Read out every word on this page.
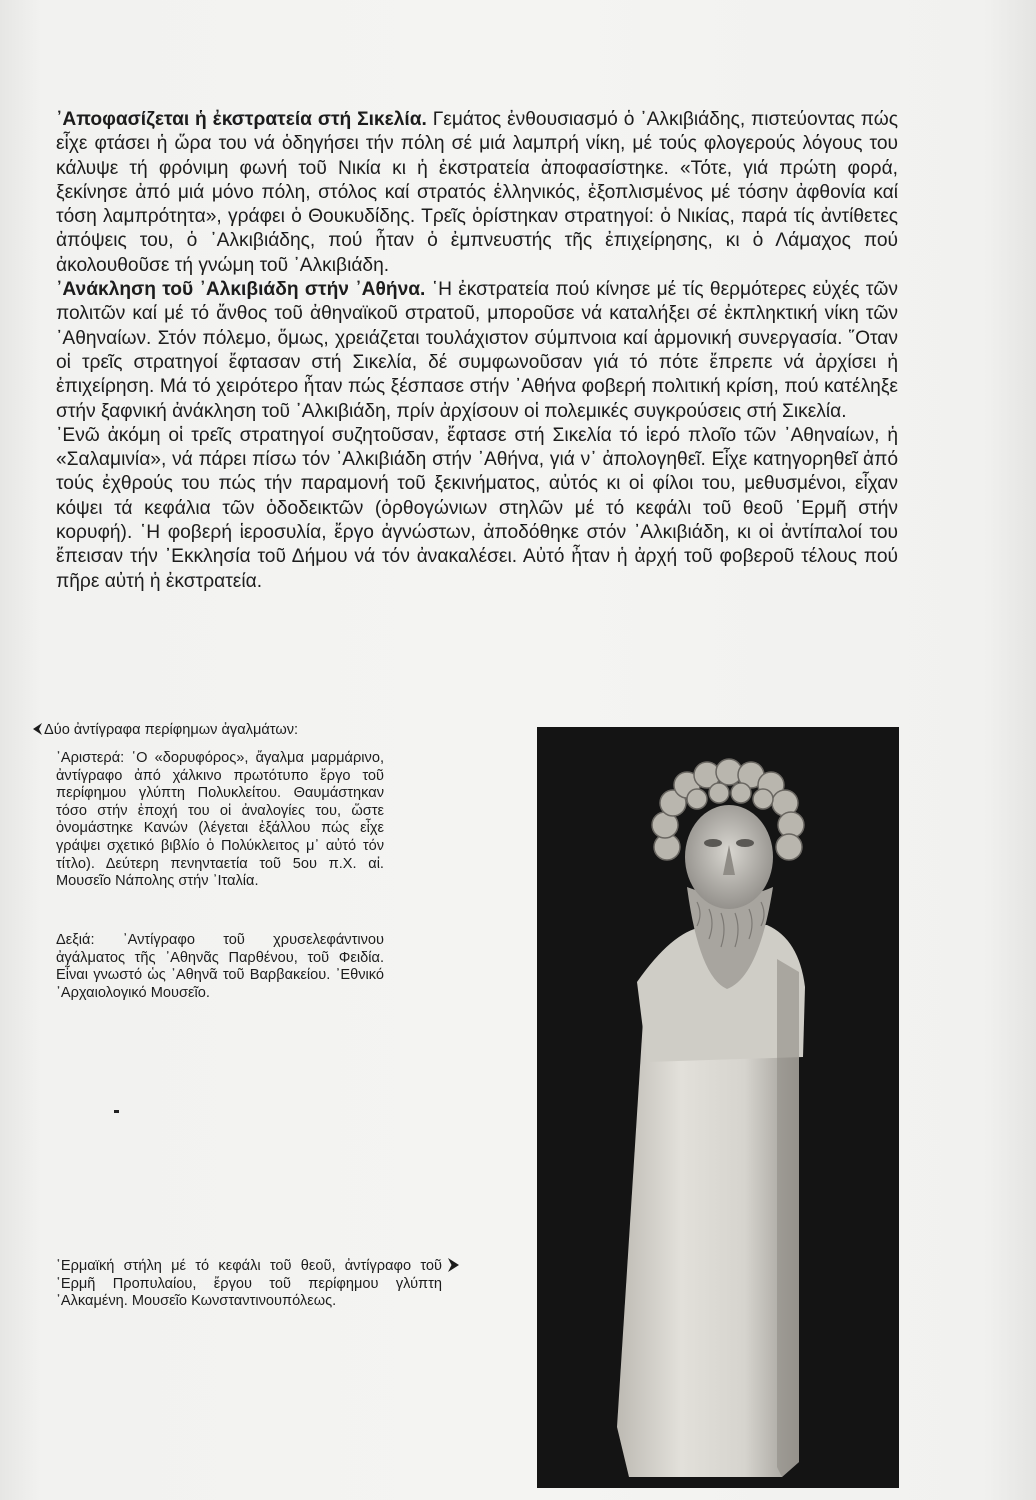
᾿Αποφασίζεται ἡ ἐκστρατεία στή Σικελία. Γεμάτος ἐνθουσιασμό ὁ ᾿Αλκιβιάδης, πιστεύοντας πώς εἶχε φτάσει ἡ ὥρα του νά ὁδηγήσει τήν πόλη σέ μιά λαμπρή νίκη, μέ τούς φλογερούς λόγους του κάλυψε τή φρόνιμη φωνή τοῦ Νικία κι ἡ ἐκστρατεία ἀποφασίστηκε. «Τότε, γιά πρώτη φορά, ξεκίνησε ἀπό μιά μόνο πόλη, στόλος καί στρατός ἑλληνικός, ἐξοπλισμένος μέ τόσην ἀφθονία καί τόση λαμπρότητα», γράφει ὁ Θουκυδίδης. Τρεῖς ὁρίστηκαν στρατηγοί: ὁ Νικίας, παρά τίς ἀντίθετες ἀπόψεις του, ὁ ᾿Αλκιβιάδης, πού ἦταν ὁ ἐμπνευστής τῆς ἐπιχείρησης, κι ὁ Λάμαχος πού ἀκολουθοῦσε τή γνώμη τοῦ ᾿Αλκιβιάδη.

᾿Ανάκληση τοῦ ᾿Αλκιβιάδη στήν ᾿Αθήνα. ῾Η ἐκστρατεία πού κίνησε μέ τίς θερμότερες εὐχές τῶν πολιτῶν καί μέ τό ἄνθος τοῦ ἀθηναϊκοῦ στρατοῦ, μποροῦσε νά καταλήξει σέ ἐκπληκτική νίκη τῶν ᾿Αθηναίων. Στόν πόλεμο, ὅμως, χρειάζεται τουλάχιστον σύμπνοια καί ἁρμονική συνεργασία. ῞Οταν οἱ τρεῖς στρατηγοί ἔφτασαν στή Σικελία, δέ συμφωνοῦσαν γιά τό πότε ἔπρεπε νά ἀρχίσει ἡ ἐπιχείρηση. Μά τό χειρότερο ἦταν πώς ξέσπασε στήν ᾿Αθήνα φοβερή πολιτική κρίση, πού κατέληξε στήν ξαφνική ἀνάκληση τοῦ ᾿Αλκιβιάδη, πρίν ἀρχίσουν οἱ πολεμικές συγκρούσεις στή Σικελία.

᾿Ενῶ ἀκόμη οἱ τρεῖς στρατηγοί συζητοῦσαν, ἔφτασε στή Σικελία τό ἱερό πλοῖο τῶν ᾿Αθηναίων, ἡ «Σαλαμινία», νά πάρει πίσω τόν ᾿Αλκιβιάδη στήν ᾿Αθήνα, γιά ν᾿ ἀπολογηθεῖ. Εἶχε κατηγορηθεῖ ἀπό τούς ἐχθρούς του πώς τήν παραμονή τοῦ ξεκινήματος, αὐτός κι οἱ φίλοι του, μεθυσμένοι, εἶχαν κόψει τά κεφάλια τῶν ὁδοδεικτῶν (ὀρθογώνιων στηλῶν μέ τό κεφάλι τοῦ θεοῦ ῾Ερμῆ στήν κορυφή). ῾Η φοβερή ἱεροσυλία, ἔργο ἀγνώστων, ἀποδόθηκε στόν ᾿Αλκιβιάδη, κι οἱ ἀντίπαλοί του ἔπεισαν τήν ᾿Εκκλησία τοῦ Δήμου νά τόν ἀνακαλέσει. Αὐτό ἦταν ἡ ἀρχή τοῦ φοβεροῦ τέλους πού πῆρε αὐτή ἡ ἐκστρατεία.

Δύο ἀντίγραφα περίφημων ἀγαλμάτων:
᾿Αριστερά: ῾Ο «δορυφόρος», ἄγαλμα μαρμάρινο, ἀντίγραφο ἀπό χάλκινο πρωτότυπο ἔργο τοῦ περίφημου γλύπτη Πολυκλείτου. Θαυμάστηκαν τόσο στήν ἐποχή του οἱ ἀναλογίες του, ὥστε ὀνομάστηκε Κανών (λέγεται ἐξάλλου πώς εἶχε γράψει σχετικό βιβλίο ὁ Πολύκλειτος μ᾿ αὐτό τόν τίτλο). Δεύτερη πενηνταετία τοῦ 5ου π.Χ. αἰ. Μουσεῖο Νάπολης στήν ᾿Ιταλία.
Δεξιά: ᾿Αντίγραφο τοῦ χρυσελεφάντινου ἀγάλματος τῆς ᾿Αθηνᾶς Παρθένου, τοῦ Φειδία. Εἶναι γνωστό ὡς ᾿Αθηνᾶ τοῦ Βαρβακείου. ᾿Εθνικό ᾿Αρχαιολογικό Μουσεῖο.
῾Ερμαϊκή στήλη μέ τό κεφάλι τοῦ θεοῦ, ἀντίγραφο τοῦ ῾Ερμῆ Προπυλαίου, ἔργου τοῦ περίφημου γλύπτη ᾿Αλκαμένη. Μουσεῖο Κωνσταντινουπόλεως.
